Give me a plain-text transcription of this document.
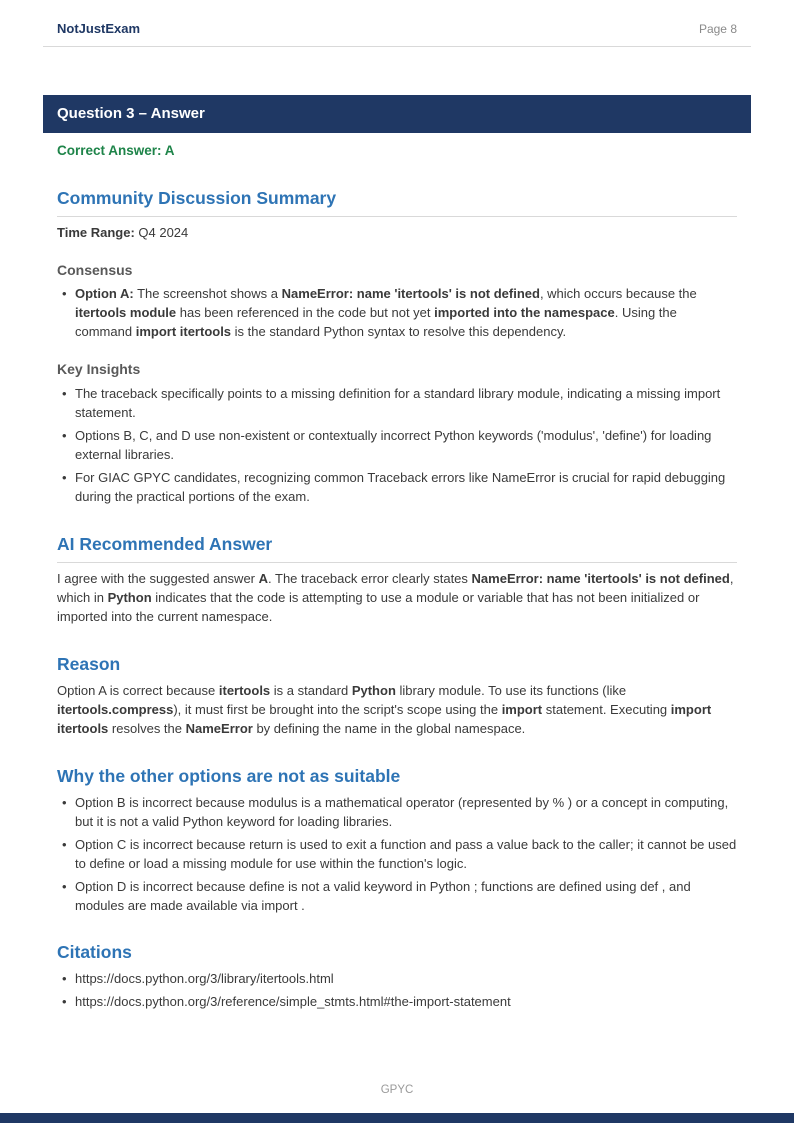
NotJustExam	Page 8
Question 3 – Answer
Correct Answer: A
Community Discussion Summary

Time Range: Q4 2024

Consensus
• Option A: The screenshot shows a NameError: name 'itertools' is not defined, which occurs because the itertools module has been referenced in the code but not yet imported into the namespace. Using the command import itertools is the standard Python syntax to resolve this dependency.
Key Insights
• The traceback specifically points to a missing definition for a standard library module, indicating a missing import statement.
• Options B, C, and D use non-existent or contextually incorrect Python keywords ('modulus', 'define') for loading external libraries.
• For GIAC GPYC candidates, recognizing common Traceback errors like NameError is crucial for rapid debugging during the practical portions of the exam.
AI Recommended Answer

I agree with the suggested answer A. The traceback error clearly states NameError: name 'itertools' is not defined, which in Python indicates that the code is attempting to use a module or variable that has not been initialized or imported into the current namespace.

Reason

Option A is correct because itertools is a standard Python library module. To use its functions (like itertools.compress), it must first be brought into the script's scope using the import statement. Executing import itertools resolves the NameError by defining the name in the global namespace.

Why the other options are not as suitable
• Option B is incorrect because modulus is a mathematical operator (represented by % ) or a concept in computing, but it is not a valid Python keyword for loading libraries.
• Option C is incorrect because return is used to exit a function and pass a value back to the caller; it cannot be used to define or load a missing module for use within the function's logic.
• Option D is incorrect because define is not a valid keyword in Python ; functions are defined using def , and modules are made available via import .
Citations
• https://docs.python.org/3/library/itertools.html
• https://docs.python.org/3/reference/simple_stmts.html#the-import-statement
GPYC
